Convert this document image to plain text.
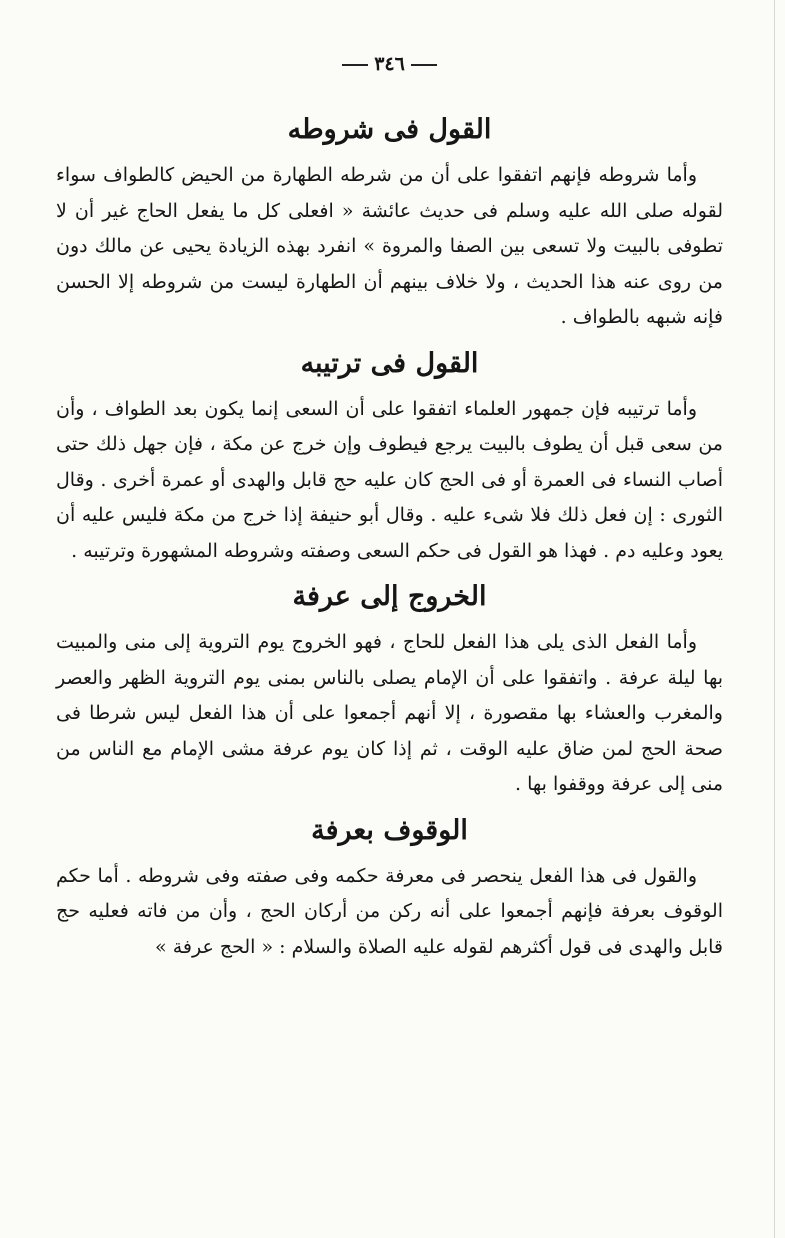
٣٤٦
القول فى شروطه

وأما شروطه فإنهم اتفقوا على أن من شرطه الطهارة من الحيض كالطواف سواء لقوله صلى الله عليه وسلم فى حديث عائشة « افعلى كل ما يفعل الحاج غير أن لا تطوفى بالبيت ولا تسعى بين الصفا والمروة » انفرد بهذه الزيادة يحيى عن مالك دون من روى عنه هذا الحديث ، ولا خلاف بينهم أن الطهارة ليست من شروطه إلا الحسن فإنه شبهه بالطواف .

القول فى ترتيبه

وأما ترتيبه فإن جمهور العلماء اتفقوا على أن السعى إنما يكون بعد الطواف ، وأن من سعى قبل أن يطوف بالبيت يرجع فيطوف وإن خرج عن مكة ، فإن جهل ذلك حتى أصاب النساء فى العمرة أو فى الحج كان عليه حج قابل والهدى أو عمرة أخرى . وقال الثورى : إن فعل ذلك فلا شىء عليه . وقال أبو حنيفة إذا خرج من مكة فليس عليه أن يعود وعليه دم . فهذا هو القول فى حكم السعى وصفته وشروطه المشهورة وترتيبه .

الخروج إلى عرفة

وأما الفعل الذى يلى هذا الفعل للحاج ، فهو الخروج يوم التروية إلى منى والمبيت بها ليلة عرفة . واتفقوا على أن الإمام يصلى بالناس بمنى يوم التروية الظهر والعصر والمغرب والعشاء بها مقصورة ، إلا أنهم أجمعوا على أن هذا الفعل ليس شرطا فى صحة الحج لمن ضاق عليه الوقت ، ثم إذا كان يوم عرفة مشى الإمام مع الناس من منى إلى عرفة ووقفوا بها .

الوقوف بعرفة

والقول فى هذا الفعل ينحصر فى معرفة حكمه وفى صفته وفى شروطه . أما حكم الوقوف بعرفة فإنهم أجمعوا على أنه ركن من أركان الحج ، وأن من فاته فعليه حج قابل والهدى فى قول أكثرهم لقوله عليه الصلاة والسلام : « الحج عرفة »
